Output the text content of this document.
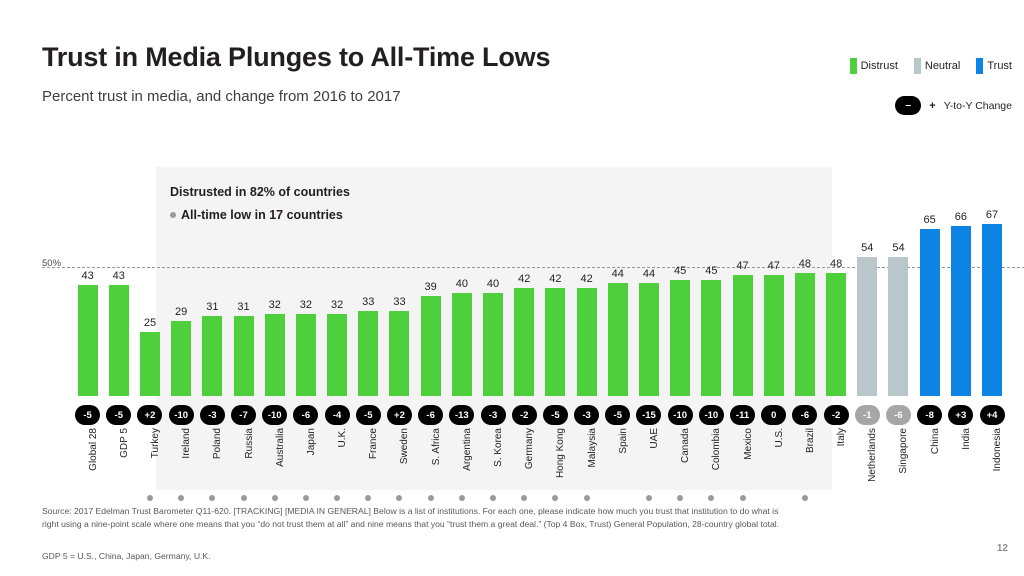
Trust in Media Plunges to All-Time Lows
Percent trust in media, and change from 2016 to 2017
Distrust Neutral Trust
–	+ Y-to-Y Change
Distrusted in 82% of countries
All-time low in 17 countries
50%
43	43
25
29	31	31	32	32	32	33	33
39	40	40	42	42	42	44	44	45	45	47	47	48	48
54	54
65	66	67
-5	-5	+2	-10	-3	-7	-10	-6	-4	-5	+2	-6	-13	-3	-2	-5	-3	-5	-15	-10	-10	-11	0	-6	-2	-1	-6	-8	+3	+4
Global 28 GDP 5 Turkey Ireland Poland Russia Australia Japan U.K. France Sweden S. Africa Argentina S. Korea Germany Hong Kong Malaysia Spain UAE Canada Colombia Mexico U.S. Brazil Italy Netherlands Singapore China India Indonesia
Source: 2017 Edelman Trust Barometer Q11-620. [TRACKING] [MEDIA IN GENERAL] Below is a list of institutions. For each one, please indicate how much you trust that institution to do what is right using a nine-point scale where one means that you “do not trust them at all” and nine means that you “trust them a great deal.” (Top 4 Box, Trust) General Population, 28-country global total.
GDP 5 = U.S., China, Japan, Germany, U.K.
12
